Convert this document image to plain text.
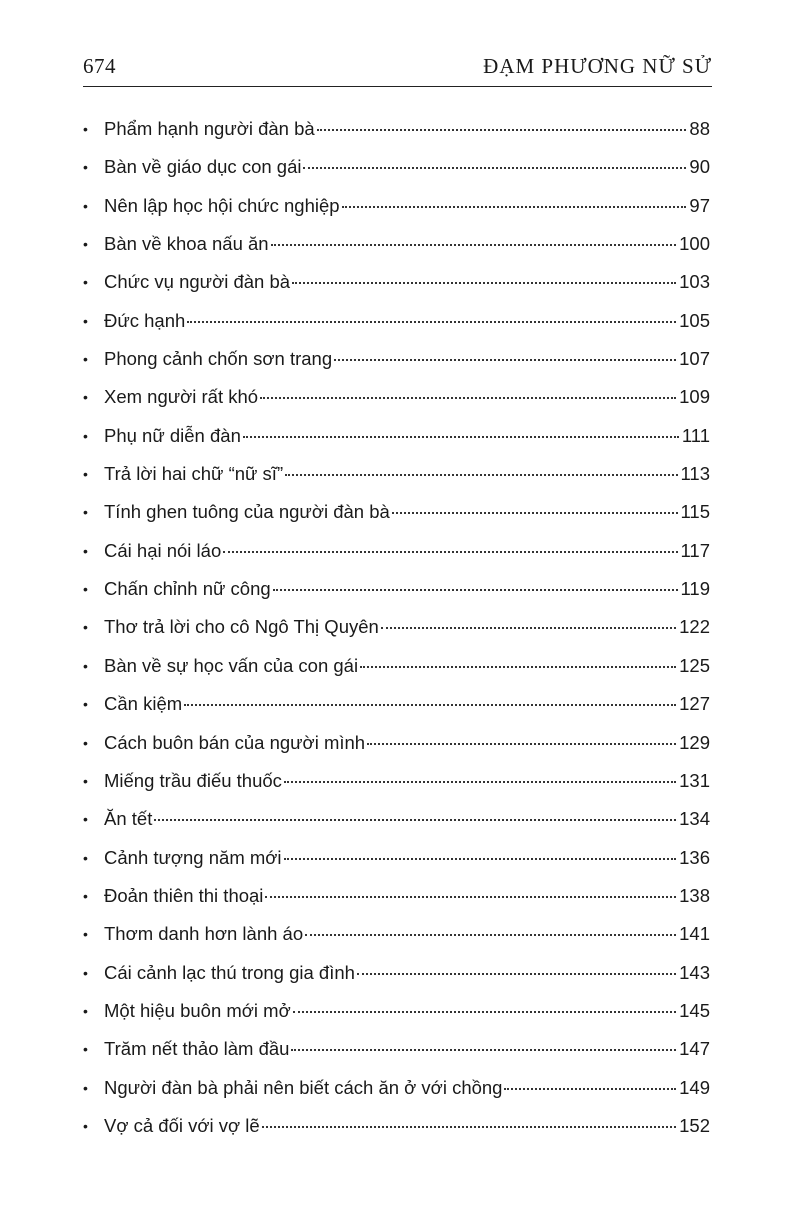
674	ĐẠM PHƯƠNG NỮ SỬ
• Phẩm hạnh người đàn bà	88
• Bàn về giáo dục con gái	90
• Nên lập học hội chức nghiệp	97
• Bàn về khoa nấu ăn	100
• Chức vụ người đàn bà	103
• Đức hạnh	105
• Phong cảnh chốn sơn trang	107
• Xem người rất khó	109
• Phụ nữ diễn đàn	111
• Trả lời hai chữ “nữ sĩ”	113
• Tính ghen tuông của người đàn bà	115
• Cái hại nói láo	117
• Chấn chỉnh nữ công	119
• Thơ trả lời cho cô Ngô Thị Quyên	122
• Bàn về sự học vấn của con gái	125
• Cần kiệm	127
• Cách buôn bán của người mình	129
• Miếng trầu điếu thuốc	131
• Ăn tết	134
• Cảnh tượng năm mới	136
• Đoản thiên thi thoại	138
• Thơm danh hơn lành áo	141
• Cái cảnh lạc thú trong gia đình	143
• Một hiệu buôn mới mở	145
• Trăm nết thảo làm đầu	147
• Người đàn bà phải nên biết cách ăn ở với chồng	149
• Vợ cả đối với vợ lẽ	152
